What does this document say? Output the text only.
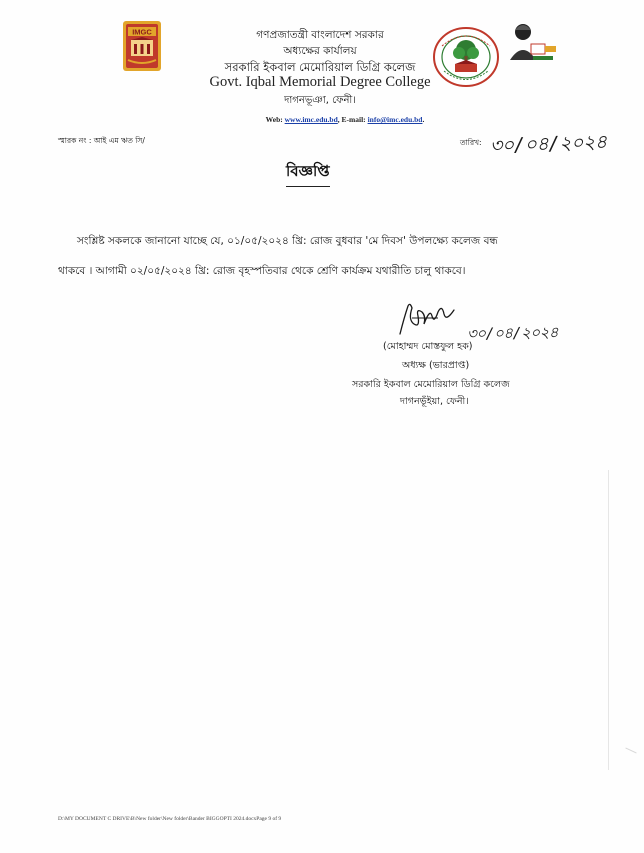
IMGC	গণপ্রজাতন্ত্রী বাংলাদেশ সরকার
অধ্যক্ষের কার্যালয়
সরকারি ইকবাল মেমোরিয়াল ডিগ্রি কলেজ
Govt. Iqbal Memorial Degree College
দাগনভূঞা, ফেনী।
Web: www.imc.edu.bd, E-mail: info@imc.edu.bd.
স্মারক নং : আই এম ঋত সি/	তারিখ: ৩০/০৪/২০২৪
বিজ্ঞপ্তি
সংশ্লিষ্ট সকলকে জানানো যাচ্ছে যে, ০১/০৫/২০২৪ খ্রি: রোজ বুধবার 'মে দিবস' উপলক্ষ্যে কলেজ বন্ধ
থাকবে । আগামী ০২/০৫/২০২৪ খ্রি: রোজ বৃহস্পতিবার থেকে শ্রেণি কার্যক্রম যথারীতি চালু থাকবে।
৩০/০৪/২০২৪
(মোহাম্মদ মোস্তফুল হক)
অধ্যক্ষ (ভারপ্রাপ্ত)
সরকারি ইকবাল মেমোরিয়াল ডিগ্রি কলেজ
দাগনভূঁইয়া, ফেনী।
D:\MY DOCUMENT C DRIVE\B\New folder\New folder\Bander BIGGOPTI 2024.docxPage 9 of 9
